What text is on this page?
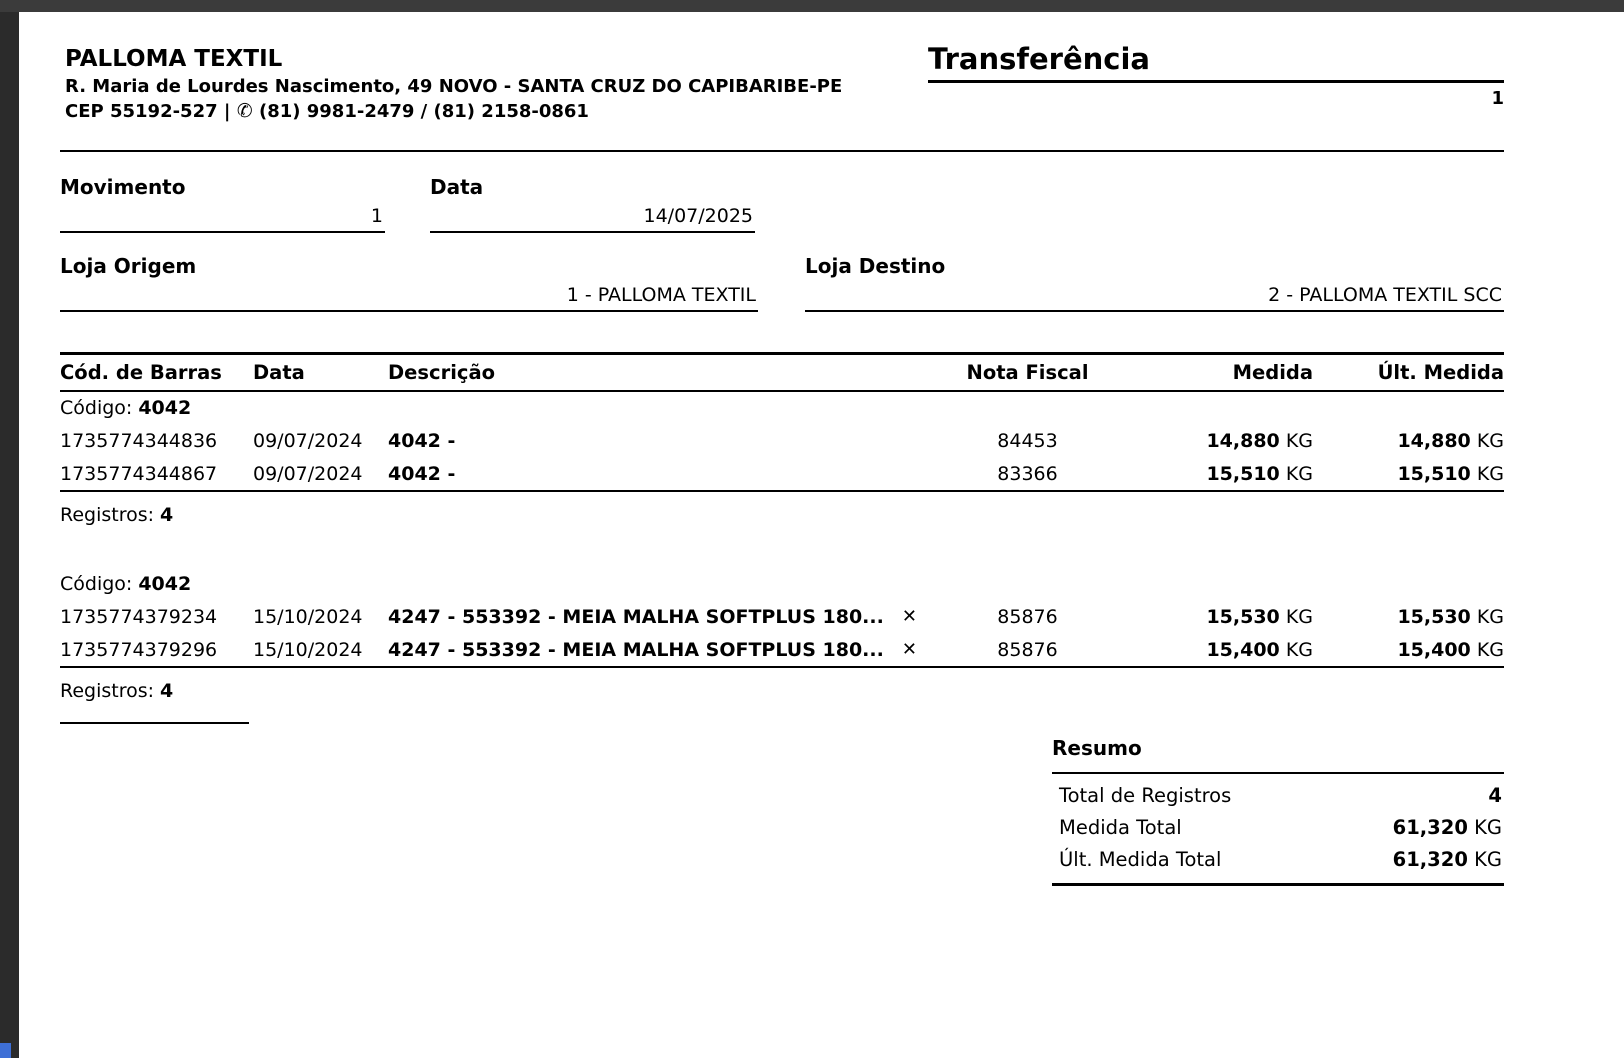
PALLOMA TEXTIL
R. Maria de Lourdes Nascimento, 49 NOVO - SANTA CRUZ DO CAPIBARIBE-PE
CEP 55192-527 | ✆ (81) 9981-2479 / (81) 2158-0861
Transferência
1
Movimento
1
Data
14/07/2025
Loja Origem
1 - PALLOMA TEXTIL
Loja Destino
2 - PALLOMA TEXTIL SCC
Cód. de Barras	Data	Descrição	Nota Fiscal	Medida	Últ. Medida
Código: 4042
1735774344836	09/07/2024	4042 -	84453	14,880 KG	14,880 KG
1735774344867	09/07/2024	4042 -	83366	15,510 KG	15,510 KG
Registros: 4
Código: 4042
1735774379234	15/10/2024	4247 - 553392 - MEIA MALHA SOFTPLUS 180... ✕	85876	15,530 KG	15,530 KG
1735774379296	15/10/2024	4247 - 553392 - MEIA MALHA SOFTPLUS 180... ✕	85876	15,400 KG	15,400 KG
Registros: 4
Resumo
Total de Registros	4
Medida Total	61,320 KG
Últ. Medida Total	61,320 KG
